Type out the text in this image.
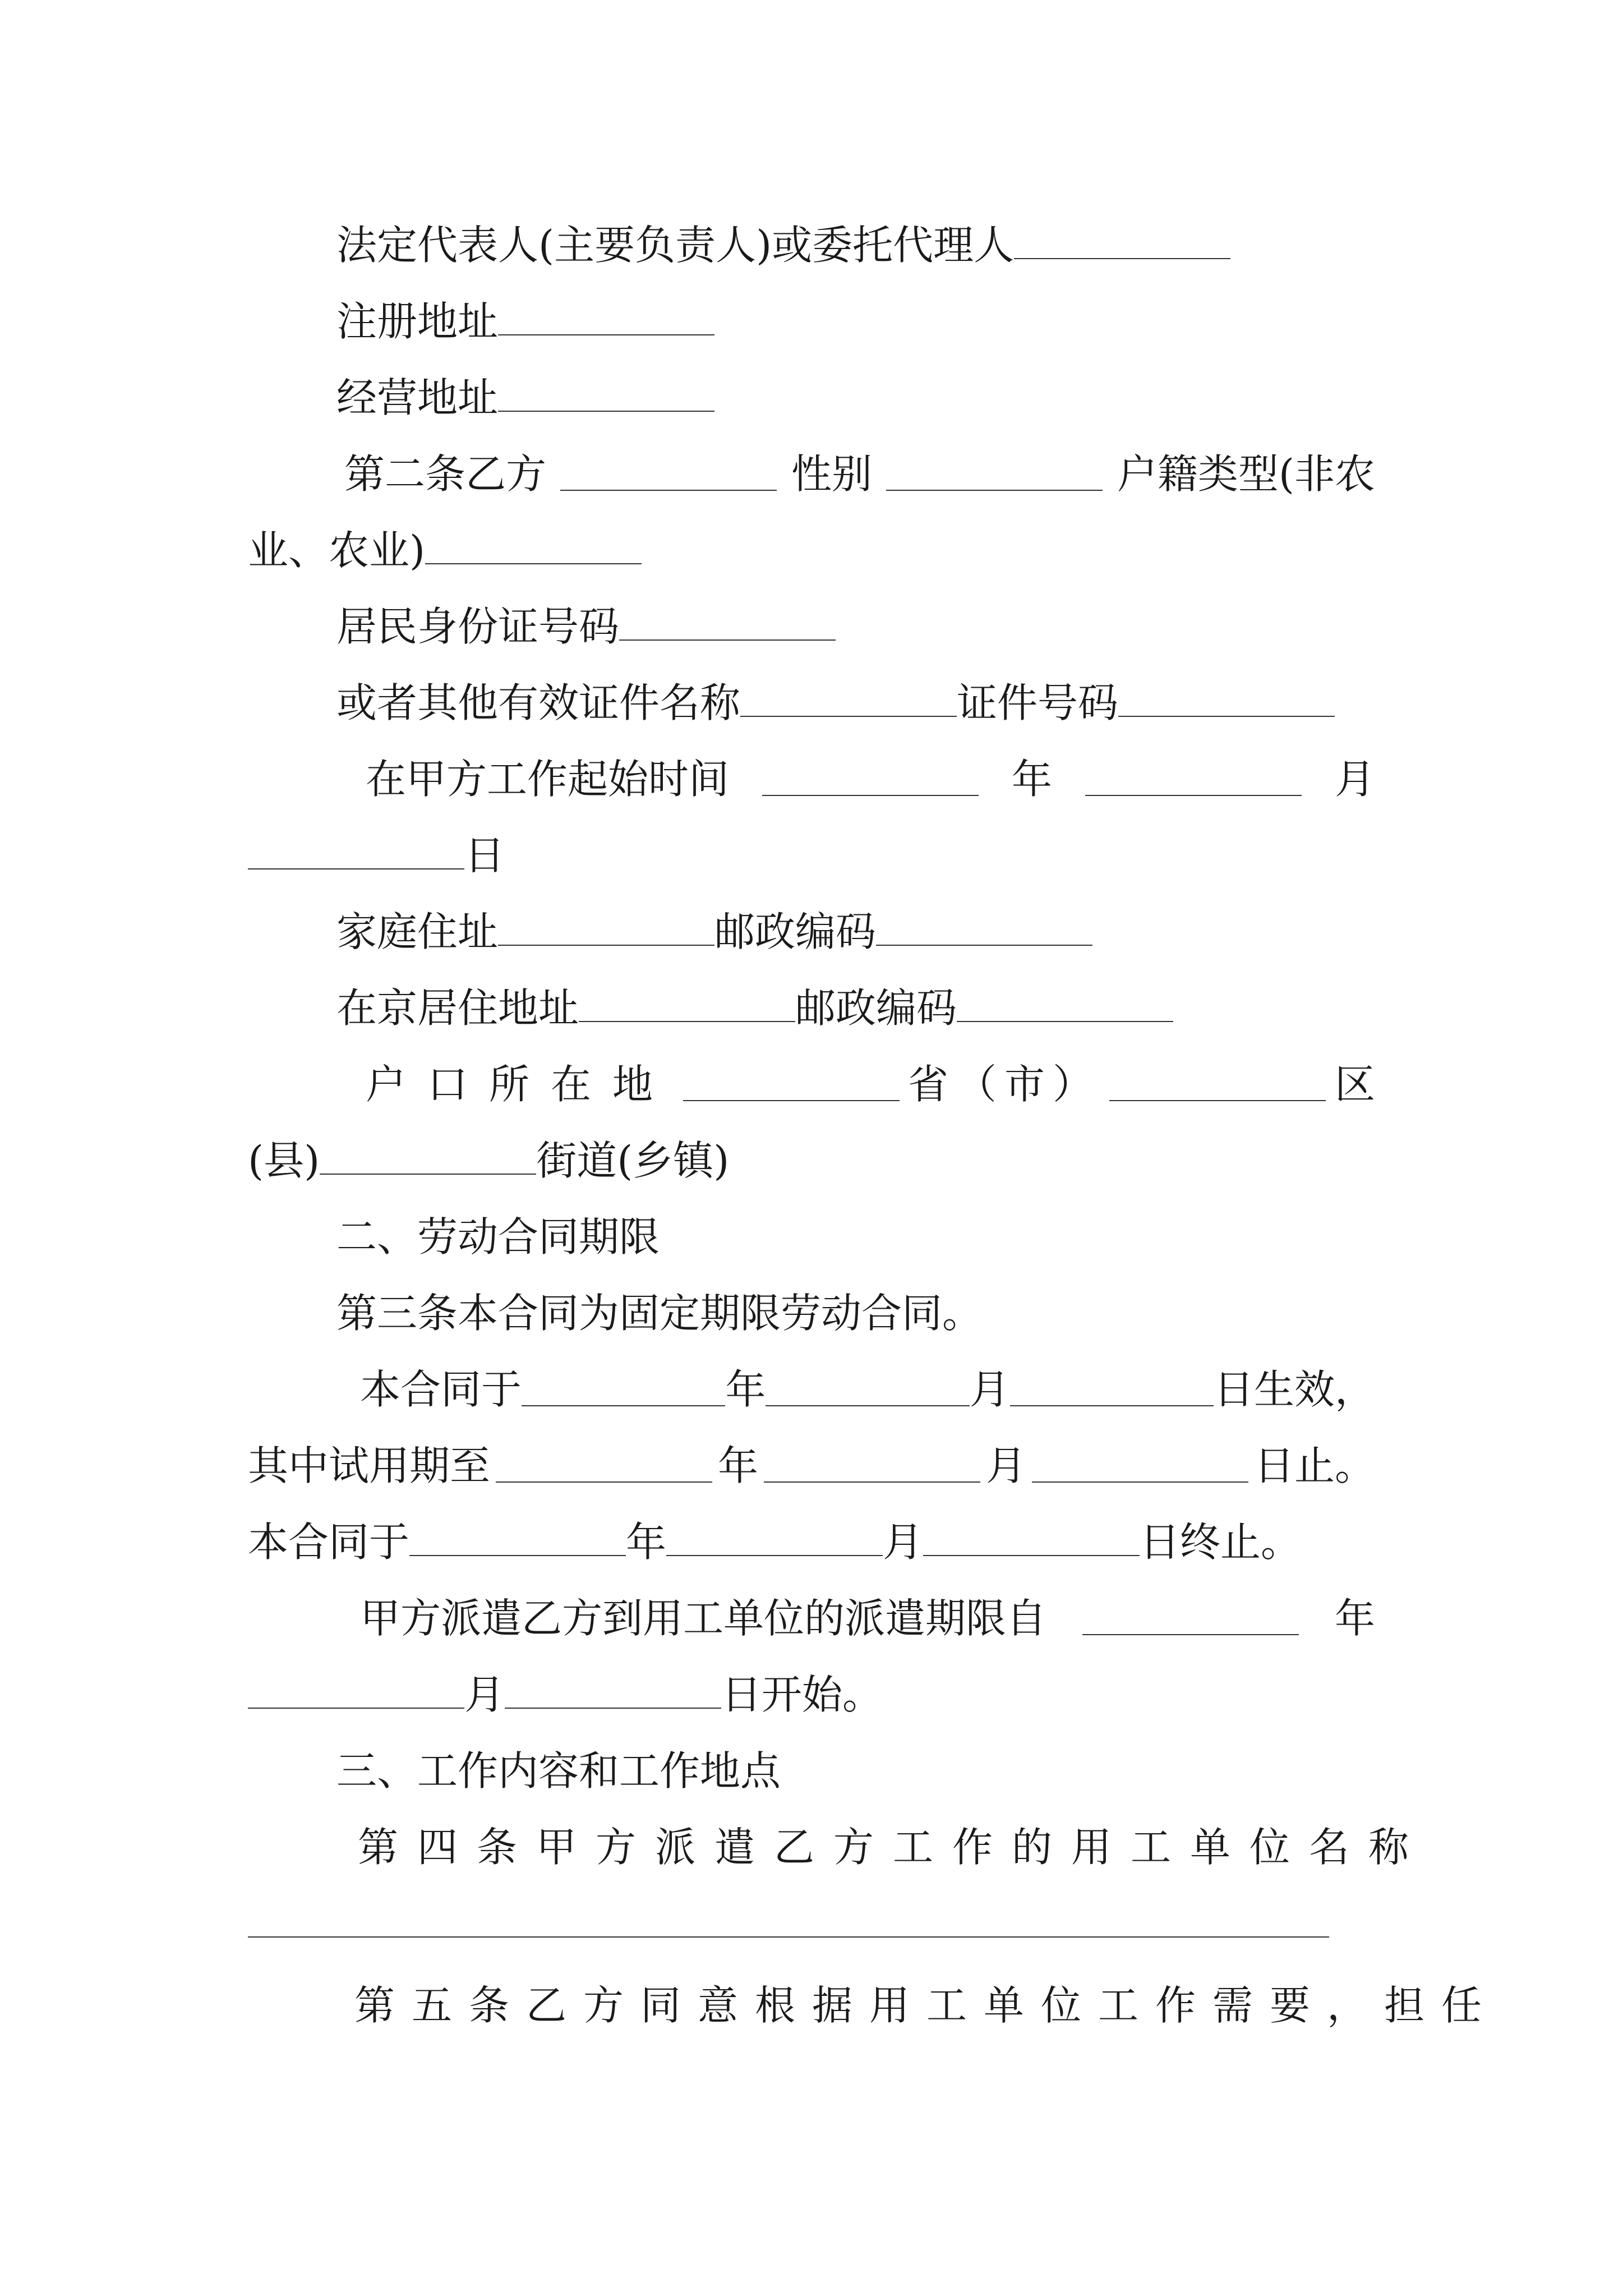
法定代表人(主要负责人)或委托代理人
注册地址
经营地址
第二条乙方	性别	户籍类型(非农
业、农业)
居民身份证号码
或者其他有效证件名称	证件号码
在甲方工作起始时间	年	月
日
家庭住址	邮政编码
在京居住地址	邮政编码
户口所在地	省（市）	区
(县)	街道(乡镇)
二、劳动合同期限
第三条本合同为固定期限劳动合同。
本合同于	年	月	日生效，
其中试用期至	年	月	日止。
本合同于	年	月	日终止。
甲方派遣乙方到用工单位的派遣期限自	年
月	日开始。
三、工作内容和工作地点
第四条甲方派遣乙方工作的用工单位名称
第五条乙方同意根据用工单位工作需要，担任
